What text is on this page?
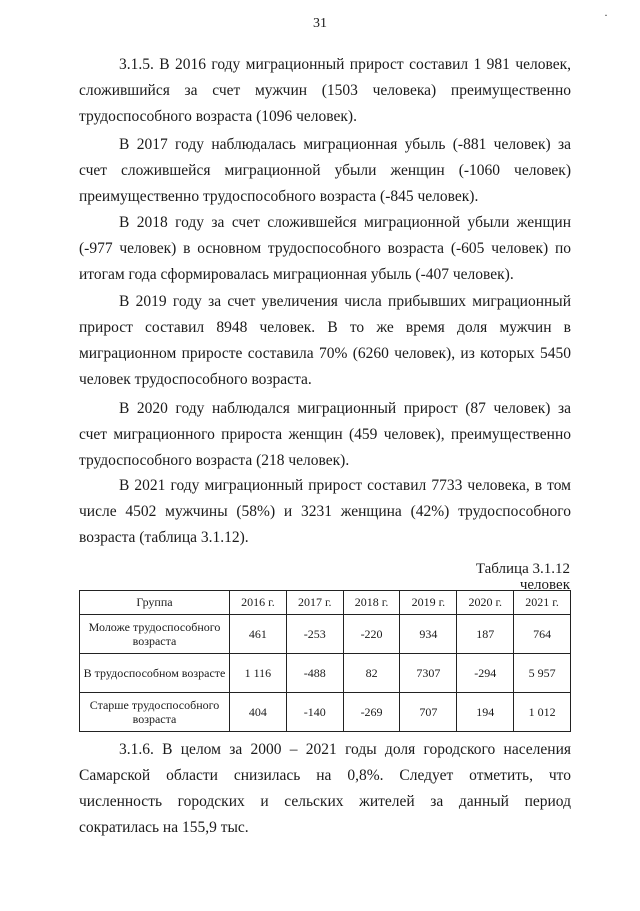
31
·

3.1.5. В 2016 году миграционный прирост составил 1 981 человек, сложившийся за счет мужчин (1503 человека) преимущественно трудоспособного возраста (1096 человек).

В 2017 году наблюдалась миграционная убыль (-881 человек) за счет сложившейся миграционной убыли женщин (-1060 человек) преимущественно трудоспособного возраста (-845 человек).

В 2018 году за счет сложившейся миграционной убыли женщин (-977 человек) в основном трудоспособного возраста (-605 человек) по итогам года сформировалась миграционная убыль (-407 человек).

В 2019 году за счет увеличения числа прибывших миграционный прирост составил 8948 человек. В то же время доля мужчин в миграционном приросте составила 70% (6260 человек), из которых 5450 человек трудоспособного возраста.

В 2020 году наблюдался миграционный прирост (87 человек) за счет миграционного прироста женщин (459 человек), преимущественно трудоспособного возраста (218 человек).

В 2021 году миграционный прирост составил 7733 человека, в том числе 4502 мужчины (58%) и 3231 женщина (42%) трудоспособного возраста (таблица 3.1.12).

Таблица 3.1.12
человек
Группа	2016 г.	2017 г.	2018 г.	2019 г.	2020 г.	2021 г.
Моложе трудоспособного возраста	461	-253	-220	934	187	764
В трудоспособном возрасте	1 116	-488	82	7307	-294	5 957
Старше трудоспособного возраста	404	-140	-269	707	194	1 012

3.1.6. В целом за 2000 – 2021 годы доля городского населения Самарской области снизилась на 0,8%. Следует отметить, что численность городских и сельских жителей за данный период сократилась на 155,9 тыс.
